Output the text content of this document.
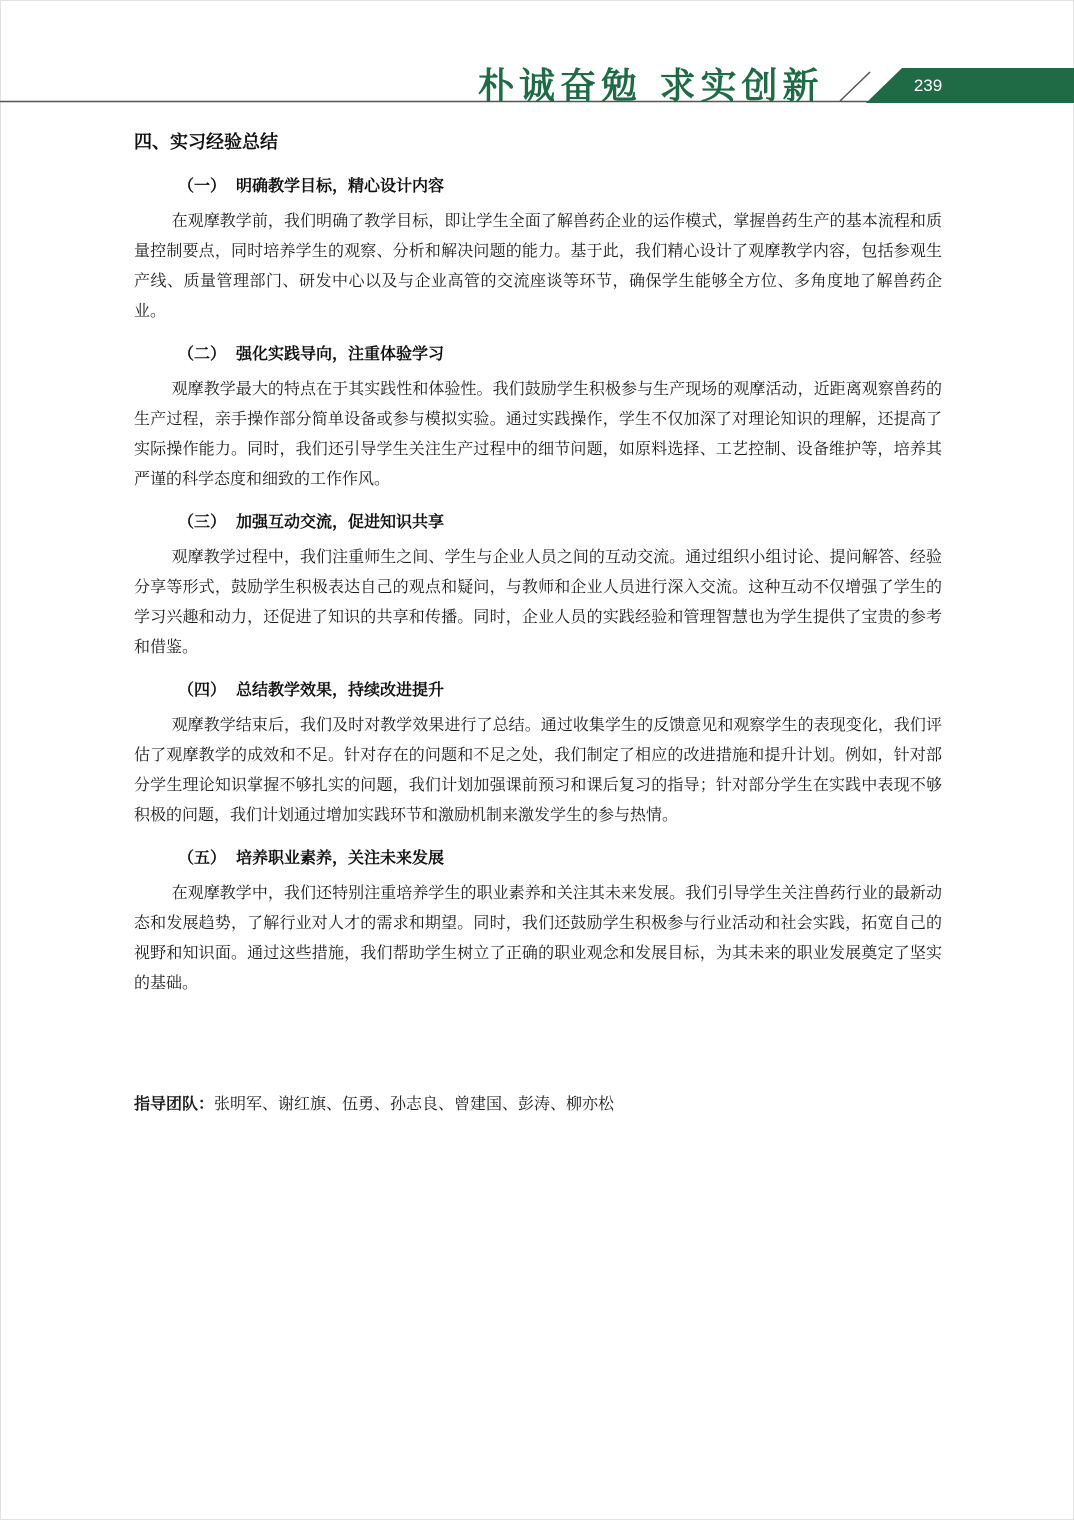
朴诚奋勉 求实创新	239
四、实习经验总结
（一） 明确教学目标，精心设计内容

在观摩教学前，我们明确了教学目标，即让学生全面了解兽药企业的运作模式，掌握兽药生产的基本流程和质量控制要点，同时培养学生的观察、分析和解决问题的能力。基于此，我们精心设计了观摩教学内容，包括参观生产线、质量管理部门、研发中心以及与企业高管的交流座谈等环节，确保学生能够全方位、多角度地了解兽药企业。

（二） 强化实践导向，注重体验学习

观摩教学最大的特点在于其实践性和体验性。我们鼓励学生积极参与生产现场的观摩活动，近距离观察兽药的生产过程，亲手操作部分简单设备或参与模拟实验。通过实践操作，学生不仅加深了对理论知识的理解，还提高了实际操作能力。同时，我们还引导学生关注生产过程中的细节问题，如原料选择、工艺控制、设备维护等，培养其严谨的科学态度和细致的工作作风。

（三） 加强互动交流，促进知识共享

观摩教学过程中，我们注重师生之间、学生与企业人员之间的互动交流。通过组织小组讨论、提问解答、经验分享等形式，鼓励学生积极表达自己的观点和疑问，与教师和企业人员进行深入交流。这种互动不仅增强了学生的学习兴趣和动力，还促进了知识的共享和传播。同时，企业人员的实践经验和管理智慧也为学生提供了宝贵的参考和借鉴。

（四） 总结教学效果，持续改进提升

观摩教学结束后，我们及时对教学效果进行了总结。通过收集学生的反馈意见和观察学生的表现变化，我们评估了观摩教学的成效和不足。针对存在的问题和不足之处，我们制定了相应的改进措施和提升计划。例如，针对部分学生理论知识掌握不够扎实的问题，我们计划加强课前预习和课后复习的指导；针对部分学生在实践中表现不够积极的问题，我们计划通过增加实践环节和激励机制来激发学生的参与热情。

（五） 培养职业素养，关注未来发展

在观摩教学中，我们还特别注重培养学生的职业素养和关注其未来发展。我们引导学生关注兽药行业的最新动态和发展趋势，了解行业对人才的需求和期望。同时，我们还鼓励学生积极参与行业活动和社会实践，拓宽自己的视野和知识面。通过这些措施，我们帮助学生树立了正确的职业观念和发展目标，为其未来的职业发展奠定了坚实的基础。

指导团队：张明军、谢红旗、伍勇、孙志良、曾建国、彭涛、柳亦松
